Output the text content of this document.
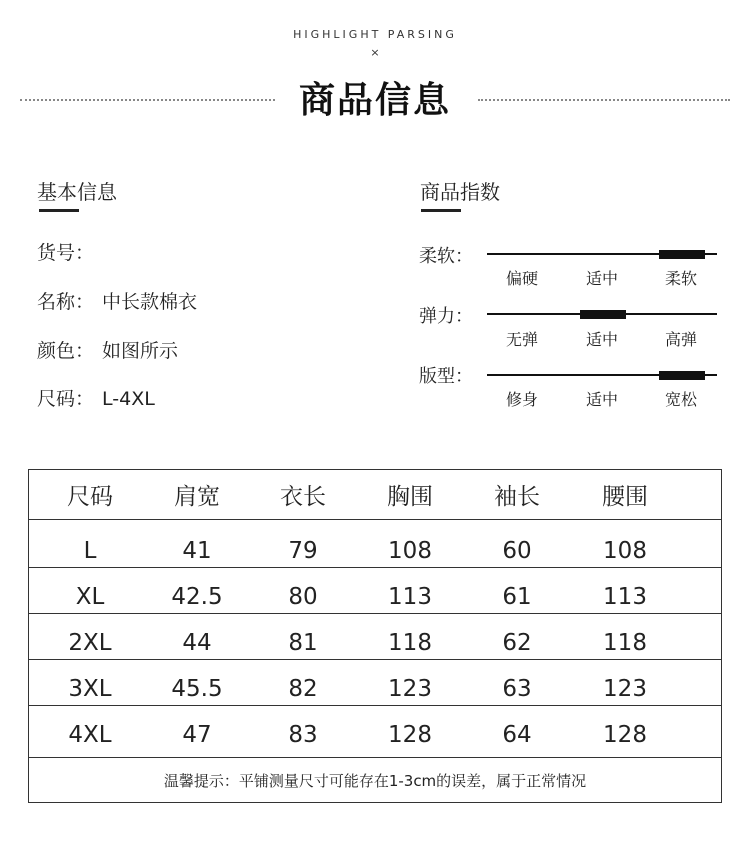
HIGHLIGHT PARSING
×
商品信息
基本信息
货号：
名称： 中长款棉衣
颜色： 如图所示
尺码： L-4XL
商品指数
柔软：
偏硬	适中	柔软
弹力：
无弹	适中	高弹
版型：
修身	适中	宽松
尺码	肩宽	衣长	胸围	袖长	腰围
L	41	79	108	60	108
XL	42.5	80	113	61	113
2XL	44	81	118	62	118
3XL	45.5	82	123	63	123
4XL	47	83	128	64	128
温馨提示：平铺测量尺寸可能存在1-3cm的误差，属于正常情况
